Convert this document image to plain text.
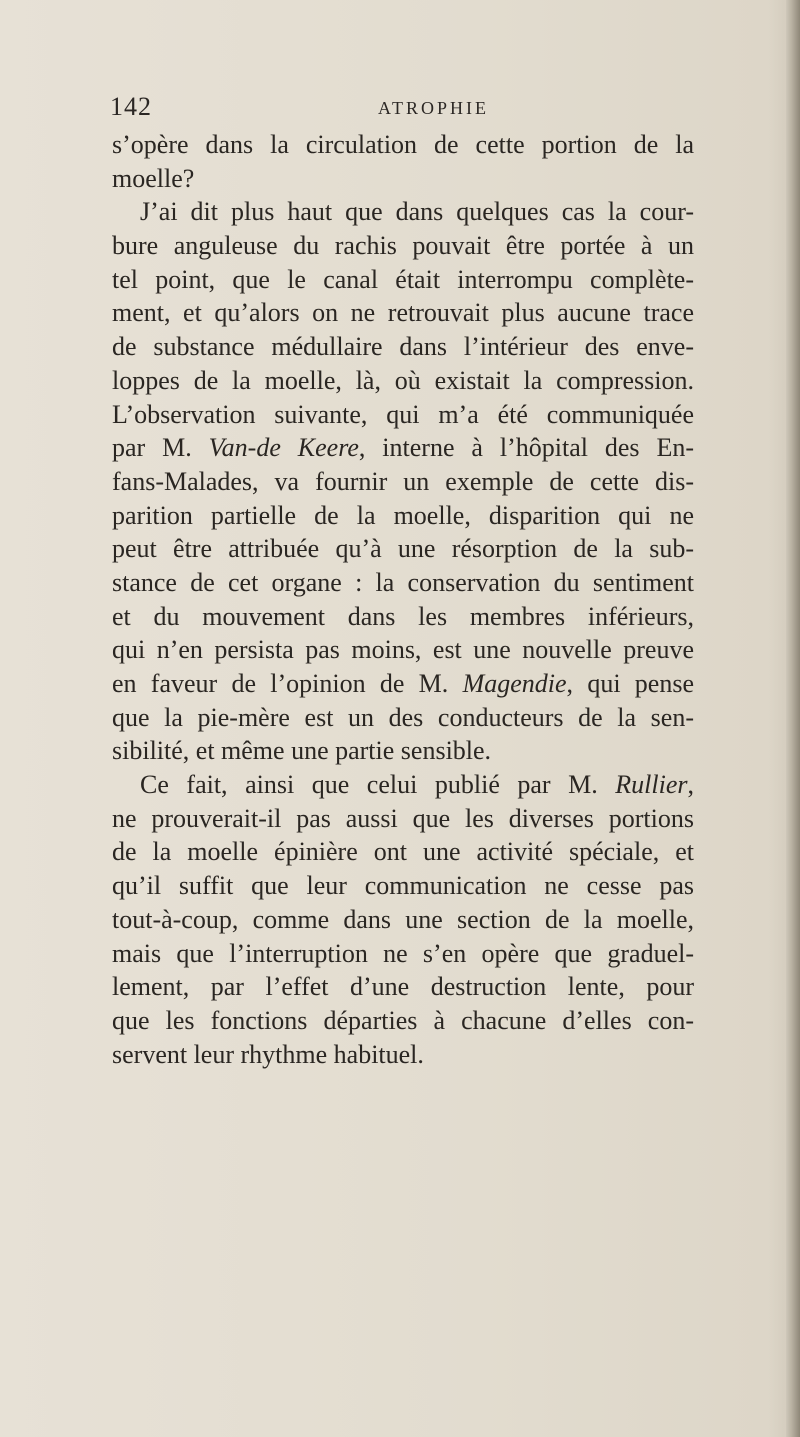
142	ATROPHIE
s’opère dans la circulation de cette portion de la
moelle?
J’ai dit plus haut que dans quelques cas la cour-
bure anguleuse du rachis pouvait être portée à un
tel point, que le canal était interrompu complète-
ment, et qu’alors on ne retrouvait plus aucune trace
de substance médullaire dans l’intérieur des enve-
loppes de la moelle, là, où existait la compression.
L’observation suivante, qui m’a été communiquée
par M. Van-de Keere, interne à l’hôpital des En-
fans-Malades, va fournir un exemple de cette dis-
parition partielle de la moelle, disparition qui ne
peut être attribuée qu’à une résorption de la sub-
stance de cet organe : la conservation du sentiment
et du mouvement dans les membres inférieurs,
qui n’en persista pas moins, est une nouvelle preuve
en faveur de l’opinion de M. Magendie, qui pense
que la pie-mère est un des conducteurs de la sen-
sibilité, et même une partie sensible.
Ce fait, ainsi que celui publié par M. Rullier,
ne prouverait-il pas aussi que les diverses portions
de la moelle épinière ont une activité spéciale, et
qu’il suffit que leur communication ne cesse pas
tout-à-coup, comme dans une section de la moelle,
mais que l’interruption ne s’en opère que graduel-
lement, par l’effet d’une destruction lente, pour
que les fonctions départies à chacune d’elles con-
servent leur rhythme habituel.
